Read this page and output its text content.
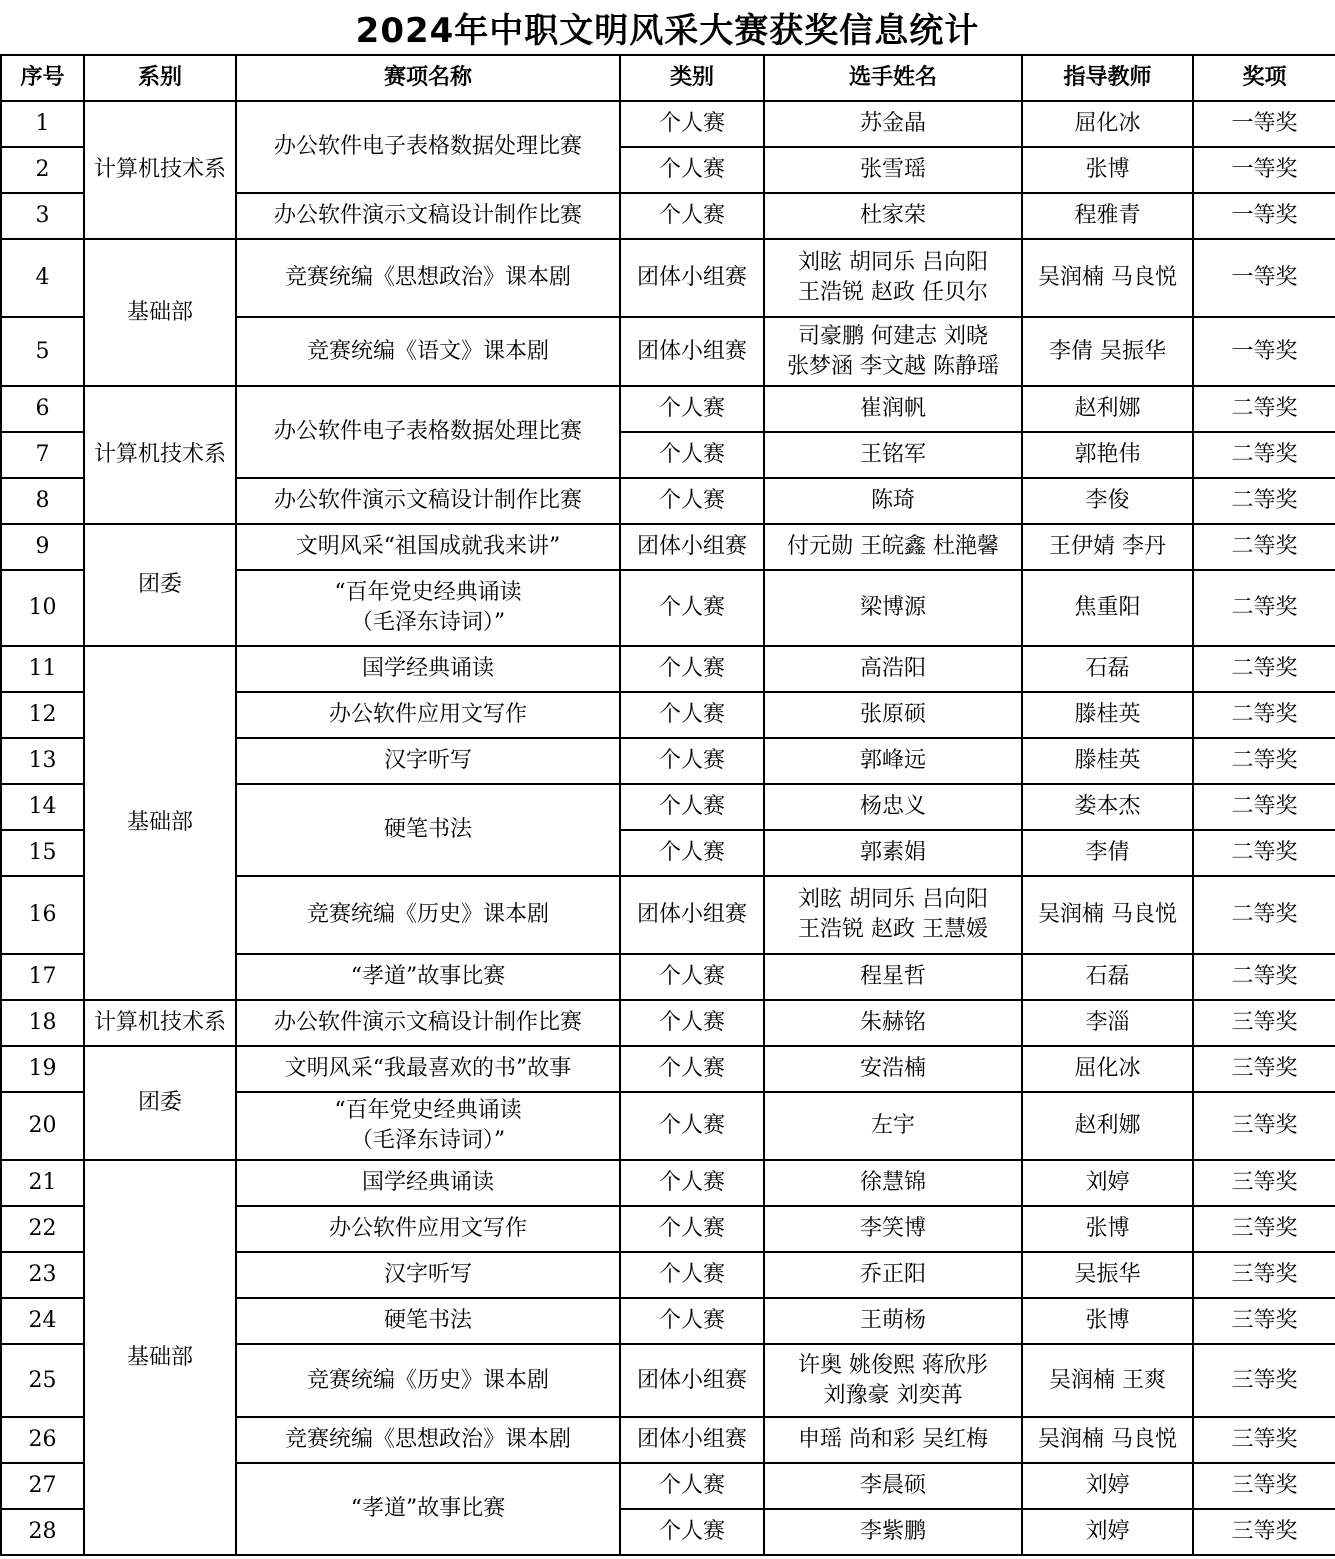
2024年中职文明风采大赛获奖信息统计
序号	系别	赛项名称	类别	选手姓名	指导教师	奖项
1	计算机技术系	办公软件电子表格数据处理比赛	个人赛	苏金晶	屈化冰	一等奖
2			个人赛	张雪瑶	张博	一等奖
3		办公软件演示文稿设计制作比赛	个人赛	杜家荣	程雅青	一等奖
4	基础部	竞赛统编《思想政治》课本剧	团体小组赛	刘昡 胡同乐 吕向阳
王浩锐 赵政 任贝尔	吴润楠 马良悦	一等奖
5		竞赛统编《语文》课本剧	团体小组赛	司豪鹏 何建志 刘晓
张梦涵 李文越 陈静瑶	李倩 吴振华	一等奖
6	计算机技术系	办公软件电子表格数据处理比赛	个人赛	崔润帆	赵利娜	二等奖
7			个人赛	王铭军	郭艳伟	二等奖
8		办公软件演示文稿设计制作比赛	个人赛	陈琦	李俊	二等奖
9	团委	文明风采“祖国成就我来讲”	团体小组赛	付元勋 王皖鑫 杜滟馨	王伊婧 李丹	二等奖
10		“百年党史经典诵读
（毛泽东诗词）”	个人赛	梁博源	焦重阳	二等奖
11	基础部	国学经典诵读	个人赛	高浩阳	石磊	二等奖
12		办公软件应用文写作	个人赛	张原硕	滕桂英	二等奖
13		汉字听写	个人赛	郭峰远	滕桂英	二等奖
14		硬笔书法	个人赛	杨忠义	娄本杰	二等奖
15			个人赛	郭素娟	李倩	二等奖
16		竞赛统编《历史》课本剧	团体小组赛	刘昡 胡同乐 吕向阳
王浩锐 赵政 王慧媛	吴润楠 马良悦	二等奖
17		“孝道”故事比赛	个人赛	程星哲	石磊	二等奖
18	计算机技术系	办公软件演示文稿设计制作比赛	个人赛	朱赫铭	李淄	三等奖
19	团委	文明风采“我最喜欢的书”故事	个人赛	安浩楠	屈化冰	三等奖
20		“百年党史经典诵读
（毛泽东诗词）”	个人赛	左宇	赵利娜	三等奖
21	基础部	国学经典诵读	个人赛	徐慧锦	刘婷	三等奖
22		办公软件应用文写作	个人赛	李笑博	张博	三等奖
23		汉字听写	个人赛	乔正阳	吴振华	三等奖
24		硬笔书法	个人赛	王萌杨	张博	三等奖
25		竞赛统编《历史》课本剧	团体小组赛	许奥 姚俊熙 蒋欣彤
刘豫豪 刘奕苒	吴润楠 王爽	三等奖
26		竞赛统编《思想政治》课本剧	团体小组赛	申瑶 尚和彩 吴红梅	吴润楠 马良悦	三等奖
27		“孝道”故事比赛	个人赛	李晨硕	刘婷	三等奖
28			个人赛	李紫鹏	刘婷	三等奖
